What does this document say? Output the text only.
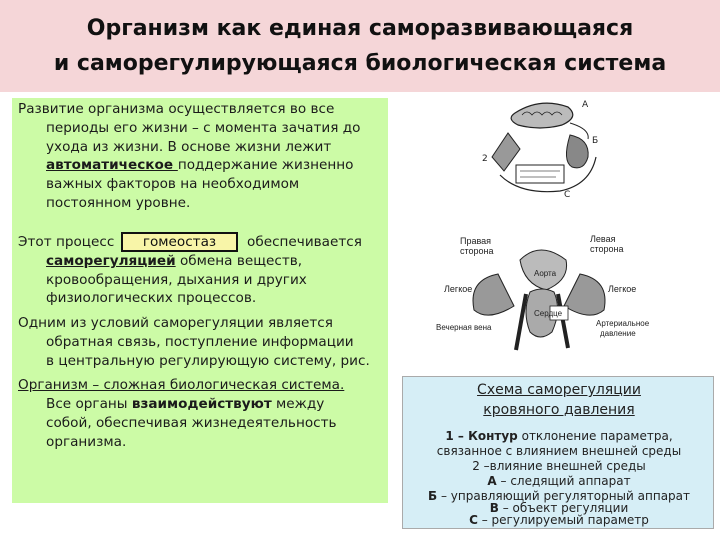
Организм как единая саморазвивающаяся
и саморегулирующаяся биологическая система
Развитие организма осуществляется во все
периоды его жизни – с момента зачатия до
ухода из жизни. В основе жизни лежит
автоматическое поддержание жизненно
важных факторов на необходимом
постоянном уровне.
Этот процесс	гомеостаз	обеспечивается
саморегуляцией обмена веществ,
кровообращения, дыхания и других
физиологических процессов.
Одним из условий саморегуляции является
обратная связь, поступление информации
в центральную регулирующую систему, рис.
Организм – сложная биологическая система.
Все органы взаимодействуют между
собой, обеспечивая жизнедеятельность
организма.
А
Б
С
2
Правая
сторона
Левая
сторона
Легкое	Легкое
Аорта
Сердце
Вечерная вена	Артериальное
давление
Схема саморегуляции
кровяного давления
1 – Контур отклонение параметра,
связанное с влиянием внешней среды
2 –влияние внешней среды
А – следящий аппарат
Б – управляющий регуляторный аппарат
В – объект регуляции
С – регулируемый параметр
